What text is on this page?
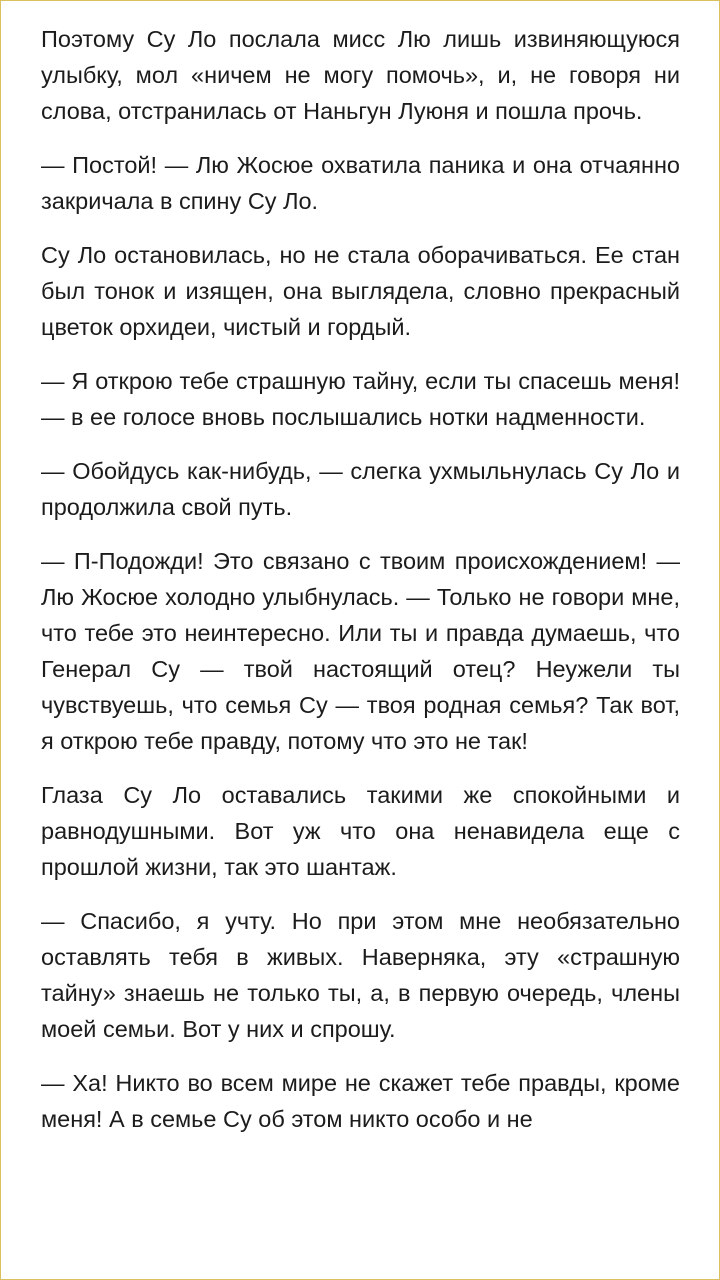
Поэтому Су Ло послала мисс Лю лишь извиняющуюся улыбку, мол «ничем не могу помочь», и, не говоря ни слова, отстранилась от Наньгун Луюня и пошла прочь.

— Постой! — Лю Жосюе охватила паника и она отчаянно закричала в спину Су Ло.

Су Ло остановилась, но не стала оборачиваться. Ее стан был тонок и изящен, она выглядела, словно прекрасный цветок орхидеи, чистый и гордый.

— Я открою тебе страшную тайну, если ты спасешь меня! — в ее голосе вновь послышались нотки надменности.

— Обойдусь как-нибудь, — слегка ухмыльнулась Су Ло и продолжила свой путь.

— П-Подожди! Это связано с твоим происхождением! — Лю Жосюе холодно улыбнулась. — Только не говори мне, что тебе это неинтересно. Или ты и правда думаешь, что Генерал Су — твой настоящий отец? Неужели ты чувствуешь, что семья Су — твоя родная семья? Так вот, я открою тебе правду, потому что это не так!

Глаза Су Ло оставались такими же спокойными и равнодушными. Вот уж что она ненавидела еще с прошлой жизни, так это шантаж.

— Спасибо, я учту. Но при этом мне необязательно оставлять тебя в живых. Наверняка, эту «страшную тайну» знаешь не только ты, а, в первую очередь, члены моей семьи. Вот у них и спрошу.

— Ха! Никто во всем мире не скажет тебе правды, кроме меня! А в семье Су об этом никто особо и не
